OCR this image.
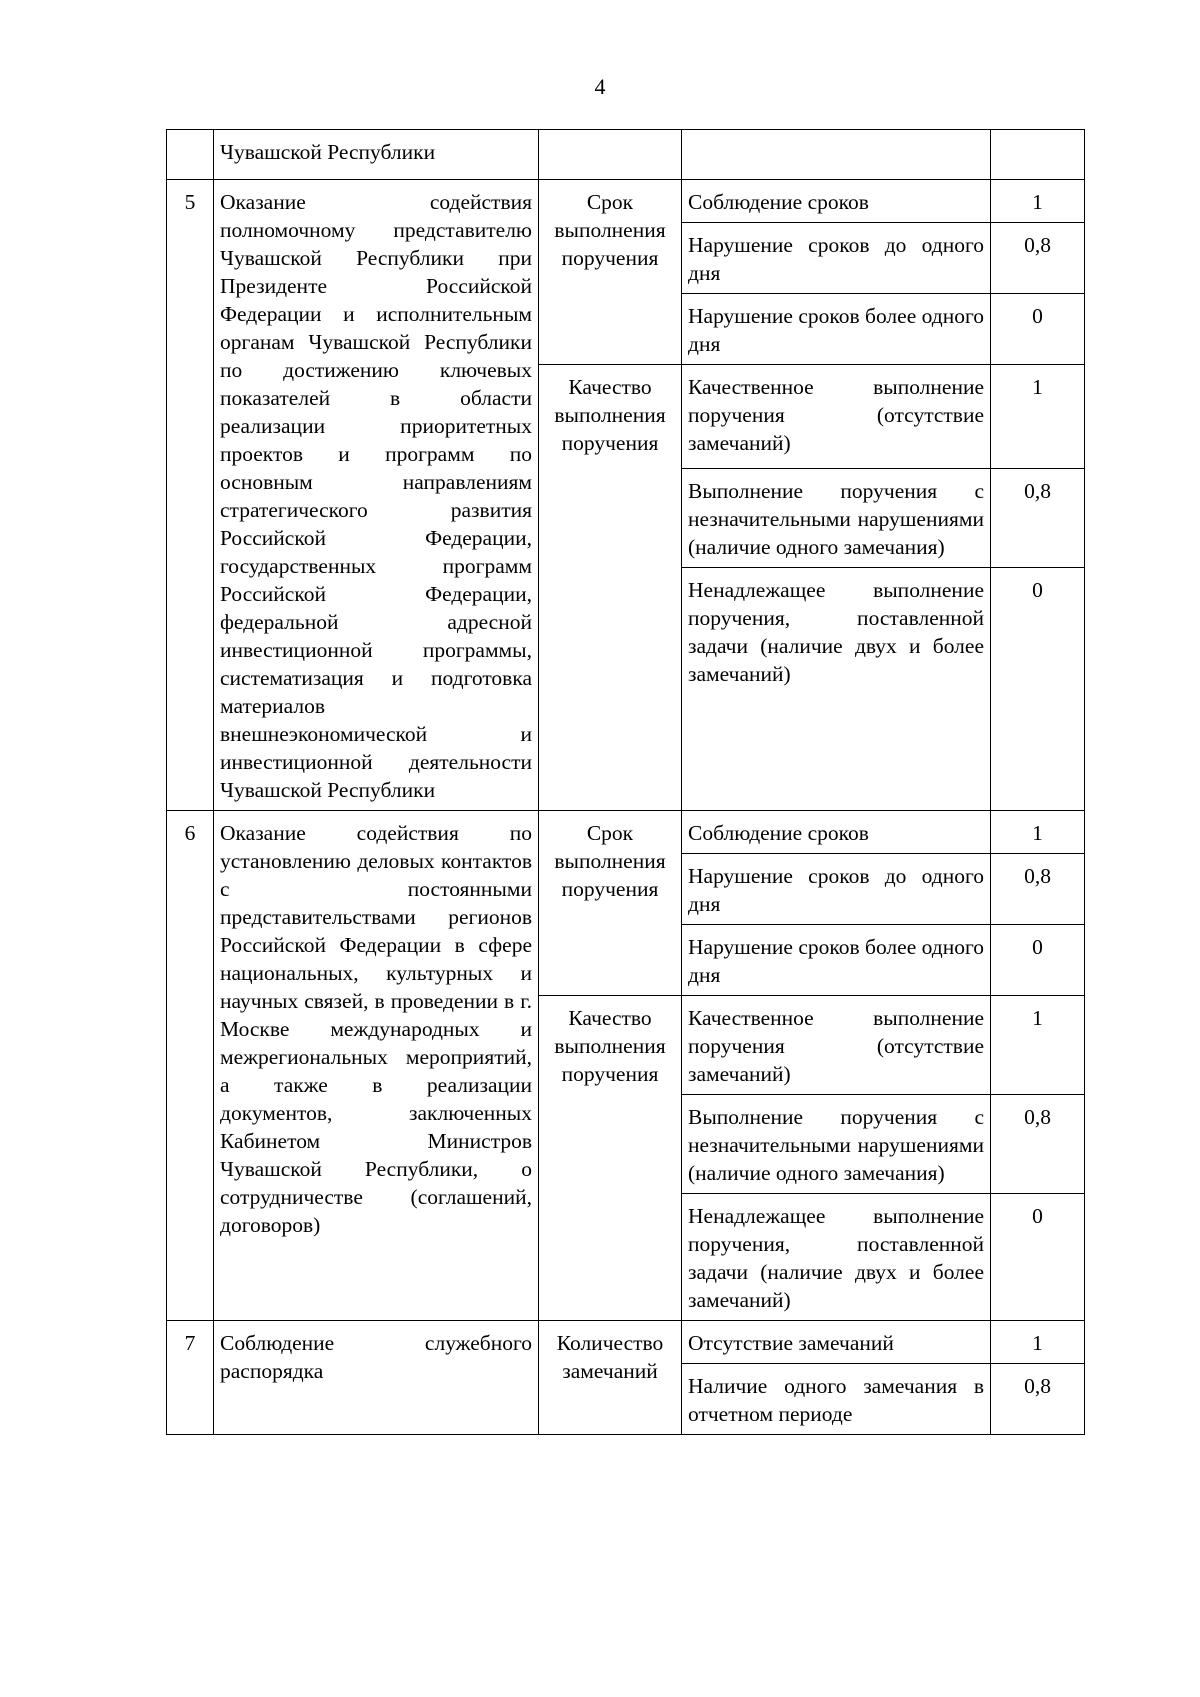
4
	Чувашской Республики			
5	Оказание содействия полномочному представителю Чувашской Республики при Президенте Российской Федерации и исполнительным органам Чувашской Республики по достижению ключевых показателей в области реализации приоритетных проектов и программ по основным направлениям стратегического развития Российской Федерации, государственных программ Российской Федерации, федеральной адресной инвестиционной программы, систематизация и подготовка материалов внешнеэкономической и инвестиционной деятельности Чувашской Республики	Срок выполнения поручения	Соблюдение сроков	1
			Нарушение сроков до одного дня	0,8
			Нарушение сроков более одного дня	0
		Качество выполнения поручения	Качественное выполнение поручения (отсутствие замечаний)	1
			Выполнение поручения с незначительными нарушениями (наличие одного замечания)	0,8
			Ненадлежащее выполнение поручения, поставленной задачи (наличие двух и более замечаний)	0
6	Оказание содействия по установлению деловых контактов с постоянными представительствами регионов Российской Федерации в сфере национальных, культурных и научных связей, в проведении в г. Москве международных и межрегиональных мероприятий, а также в реализации документов, заключенных Кабинетом Министров Чувашской Республики, о сотрудничестве (соглашений, договоров)	Срок выполнения поручения	Соблюдение сроков	1
			Нарушение сроков до одного дня	0,8
			Нарушение сроков более одного дня	0
		Качество выполнения поручения	Качественное выполнение поручения (отсутствие замечаний)	1
			Выполнение поручения с незначительными нарушениями (наличие одного замечания)	0,8
			Ненадлежащее выполнение поручения, поставленной задачи (наличие двух и более замечаний)	0
7	Соблюдение служебного распорядка	Количество замечаний	Отсутствие замечаний	1
			Наличие одного замечания в отчетном периоде	0,8
